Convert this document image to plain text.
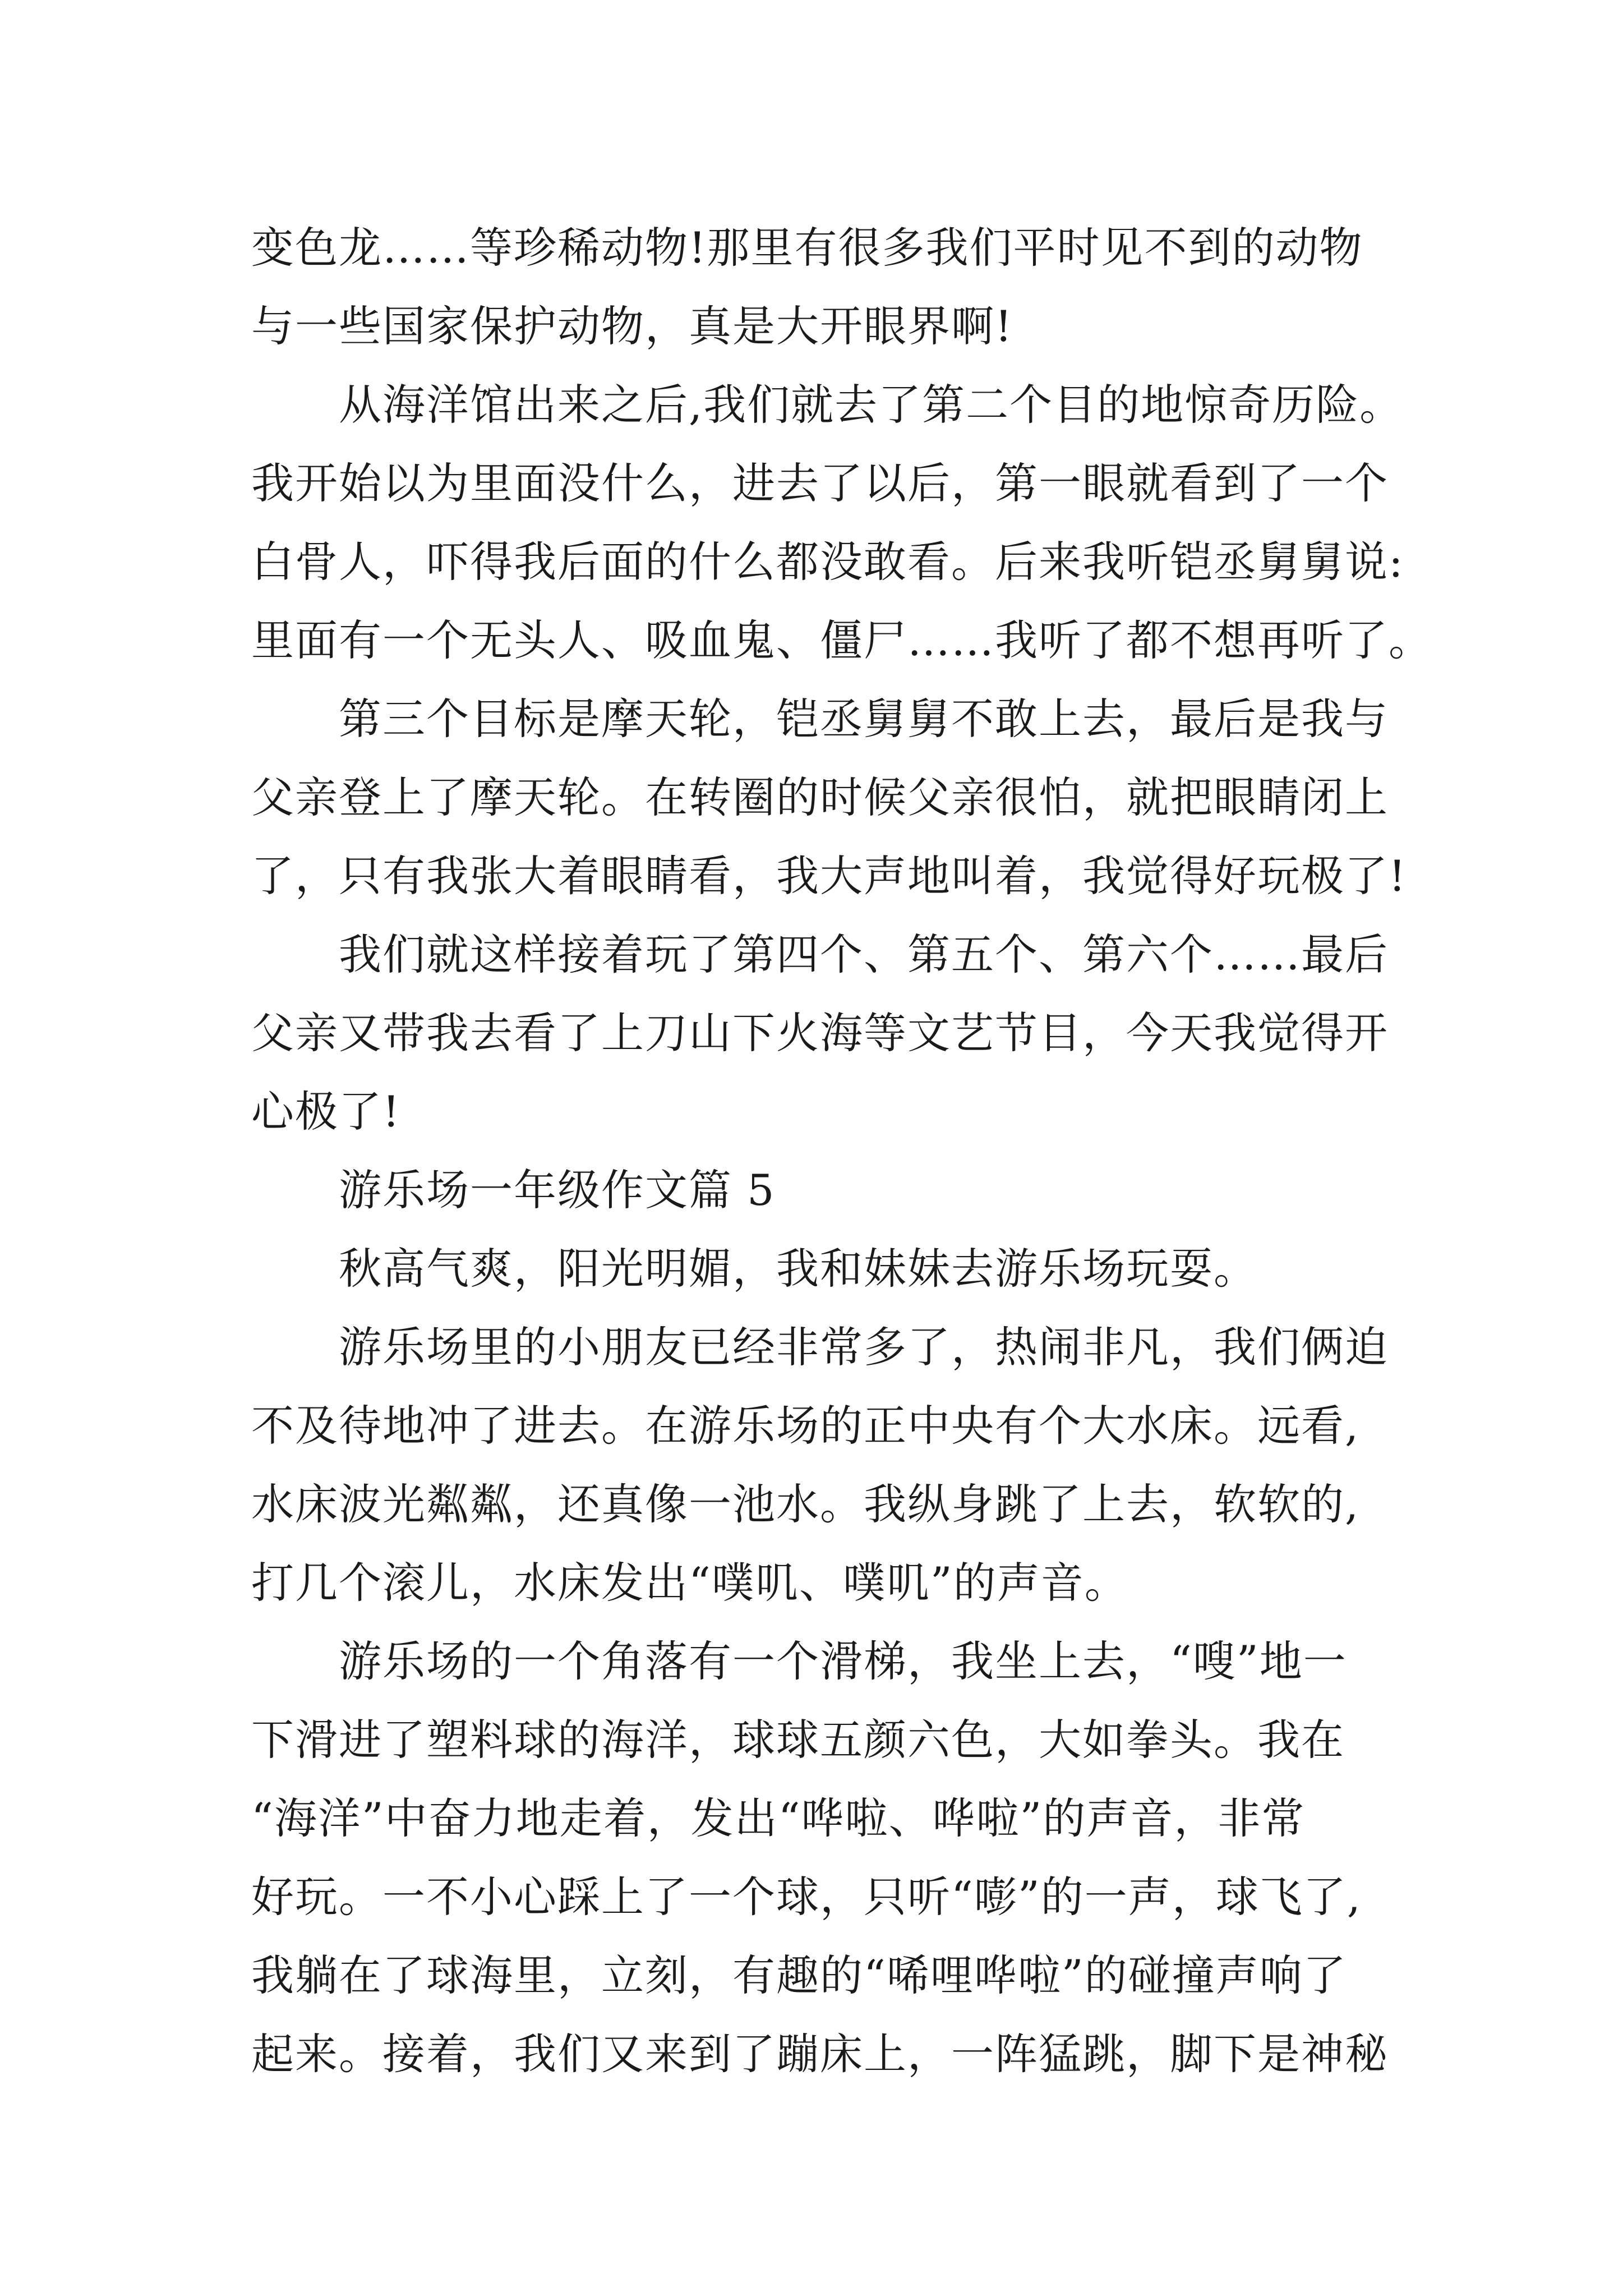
变色龙……等珍稀动物!那里有很多我们平时见不到的动物
与一些国家保护动物，真是大开眼界啊!
　　从海洋馆出来之后,我们就去了第二个目的地惊奇历险。
我开始以为里面没什么，进去了以后，第一眼就看到了一个
白骨人，吓得我后面的什么都没敢看。后来我听铠丞舅舅说:
里面有一个无头人、吸血鬼、僵尸……我听了都不想再听了。
　　第三个目标是摩天轮，铠丞舅舅不敢上去，最后是我与
父亲登上了摩天轮。在转圈的时候父亲很怕，就把眼睛闭上
了，只有我张大着眼睛看，我大声地叫着，我觉得好玩极了!
　　我们就这样接着玩了第四个、第五个、第六个……最后
父亲又带我去看了上刀山下火海等文艺节目，今天我觉得开
心极了!
　　游乐场一年级作文篇 5
　　秋高气爽，阳光明媚，我和妹妹去游乐场玩耍。
　　游乐场里的小朋友已经非常多了，热闹非凡，我们俩迫
不及待地冲了进去。在游乐场的正中央有个大水床。远看,
水床波光粼粼，还真像一池水。我纵身跳了上去，软软的,
打几个滚儿，水床发出“噗叽、噗叽”的声音。
　　游乐场的一个角落有一个滑梯，我坐上去，“嗖”地一
下滑进了塑料球的海洋，球球五颜六色，大如拳头。我在
“海洋”中奋力地走着，发出“哗啦、哗啦”的声音，非常
好玩。一不小心踩上了一个球，只听“嘭”的一声，球飞了,
我躺在了球海里，立刻，有趣的“唏哩哗啦”的碰撞声响了
起来。接着，我们又来到了蹦床上，一阵猛跳，脚下是神秘
